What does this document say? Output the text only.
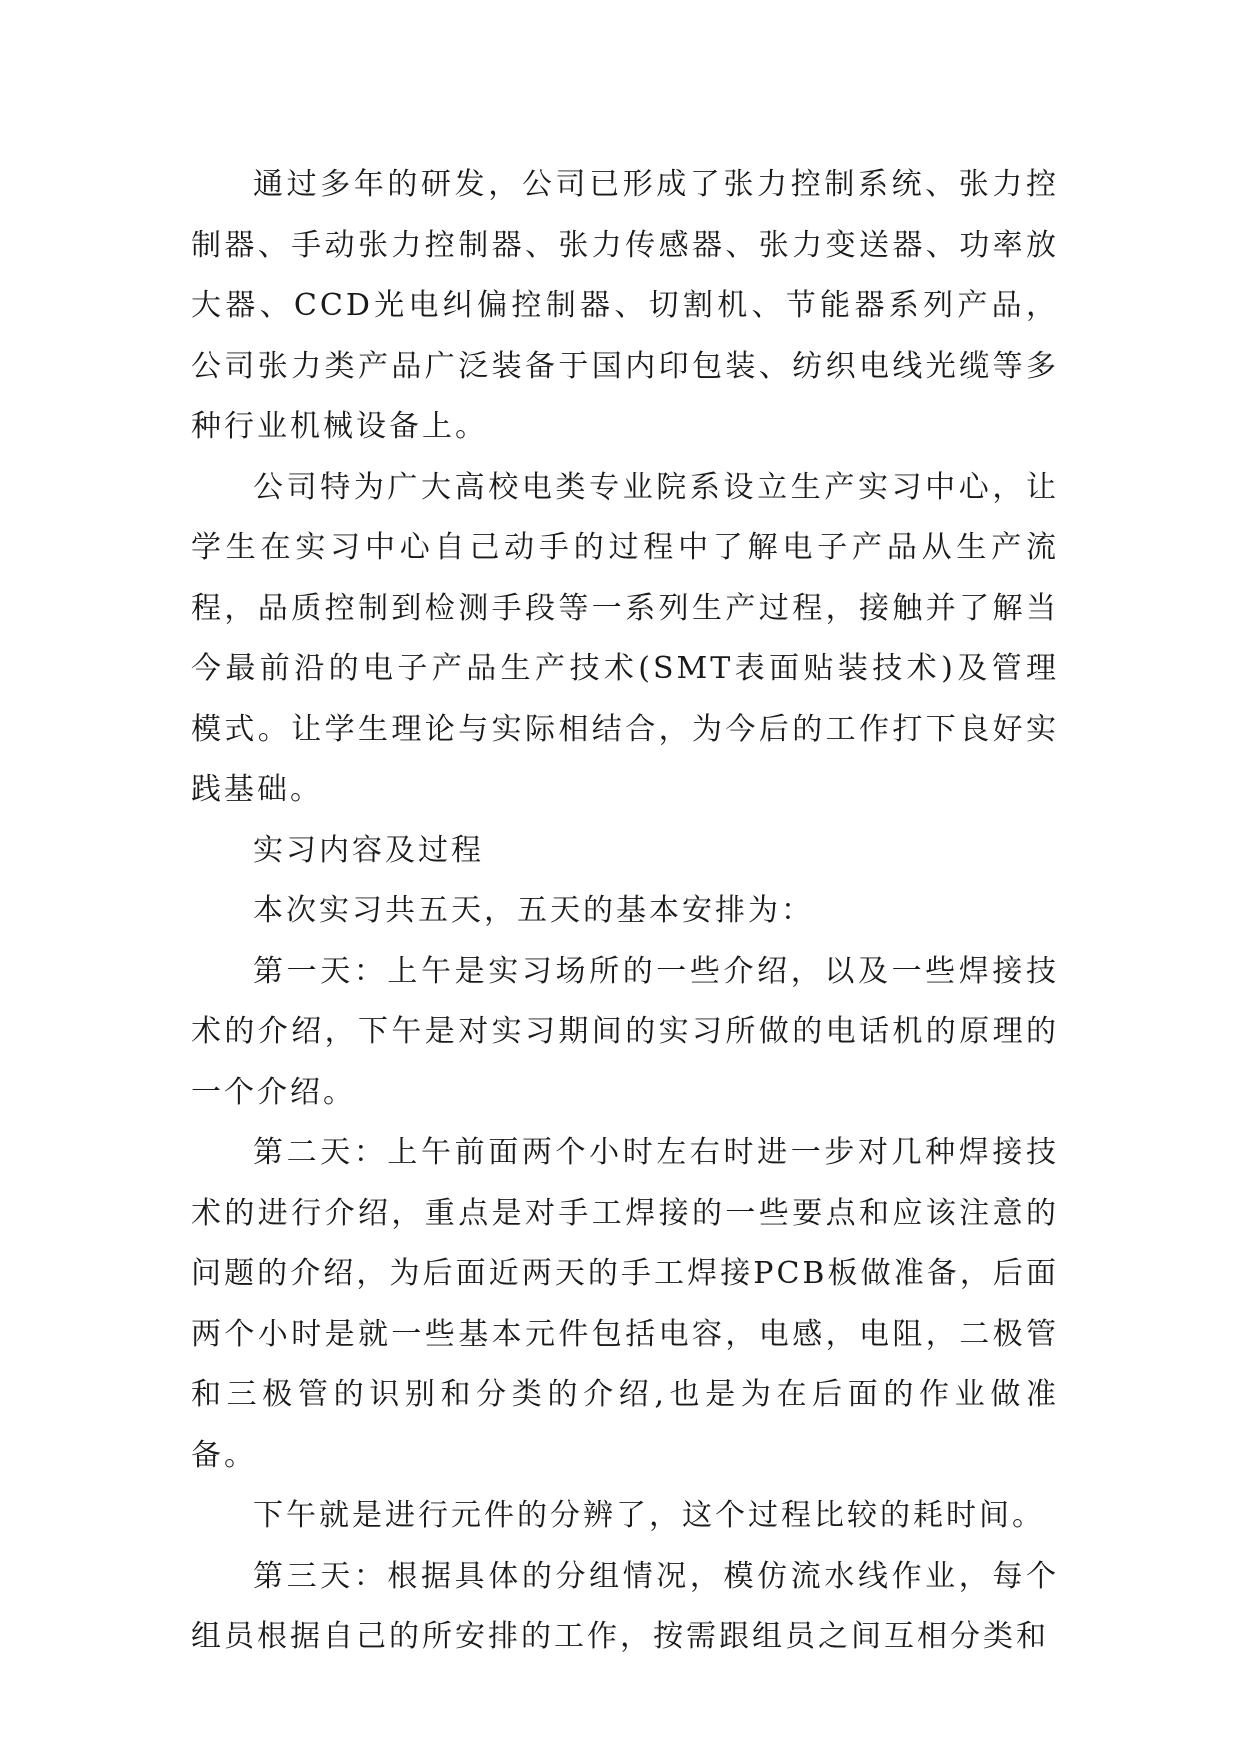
通过多年的研发，公司已形成了张力控制系统、张力控制器、手动张力控制器、张力传感器、张力变送器、功率放大器、CCD光电纠偏控制器、切割机、节能器系列产品，公司张力类产品广泛装备于国内印包装、纺织电线光缆等多种行业机械设备上。

公司特为广大高校电类专业院系设立生产实习中心，让学生在实习中心自己动手的过程中了解电子产品从生产流程，品质控制到检测手段等一系列生产过程，接触并了解当今最前沿的电子产品生产技术(SMT表面贴装技术)及管理模式。让学生理论与实际相结合，为今后的工作打下良好实践基础。

实习内容及过程

本次实习共五天，五天的基本安排为：

第一天：上午是实习场所的一些介绍，以及一些焊接技术的介绍，下午是对实习期间的实习所做的电话机的原理的一个介绍。

第二天：上午前面两个小时左右时进一步对几种焊接技术的进行介绍，重点是对手工焊接的一些要点和应该注意的问题的介绍，为后面近两天的手工焊接PCB板做准备，后面两个小时是就一些基本元件包括电容，电感，电阻，二极管和三极管的识别和分类的介绍,也是为在后面的作业做准备。

下午就是进行元件的分辨了，这个过程比较的耗时间。

第三天：根据具体的分组情况，模仿流水线作业，每个组员根据自己的所安排的工作，按需跟组员之间互相分类和
